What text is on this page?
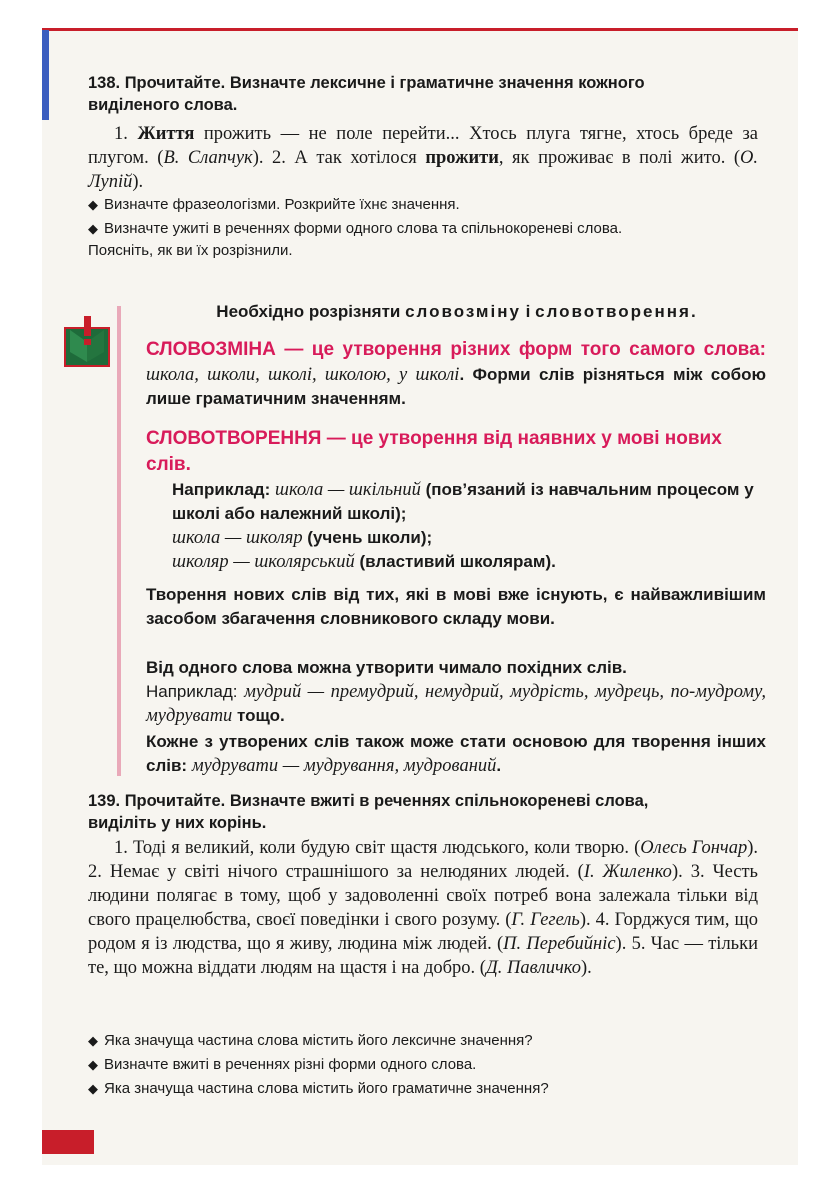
138. Прочитайте. Визначте лексичне і граматичне значення кожного
виділеного слова.
1. Життя прожить — не поле перейти... Хтось плуга тягне, хтось бреде за плугом. (В. Слапчук). 2. А так хотілося прожити, як проживає в полі жито. (О. Лупій).
◆ Визначте фразеологізми. Розкрийте їхнє значення.
◆ Визначте ужиті в реченнях форми одного слова та спільнокореневі слова.
Поясніть, як ви їх розрізнили.
Необхідно розрізняти словозміну і словотворення.
СЛОВОЗМІНА — це утворення різних форм того самого слова: школа, школи, школі, школою, у школі. Форми слів різняться між собою лише граматичним значенням.
СЛОВОТВОРЕННЯ — це утворення від наявних у мові нових слів.
Наприклад: школа — шкільний (пов’язаний із навчальним процесом у школі або належний школі);
школа — школяр (учень школи);
школяр — школярський (властивий школярам).
Творення нових слів від тих, які в мові вже існують, є найважливішим засобом збагачення словникового складу мови.
Від одного слова можна утворити чимало похідних слів.
Наприклад: мудрий — премудрий, немудрий, мудрість, мудрець, по-мудрому, мудрувати тощо.
Кожне з утворених слів також може стати основою для творення інших слів: мудрувати — мудрування, мудрований.
139. Прочитайте. Визначте вжиті в реченнях спільнокореневі слова,
виділіть у них корінь.
1. Тоді я великий, коли будую світ щастя людського, коли творю. (Олесь Гончар). 2. Немає у світі нічого страшнішого за нелюдяних людей. (І. Жиленко). 3. Честь людини полягає в тому, щоб у задоволенні своїх потреб вона залежала тільки від свого працелюбства, своєї поведінки і свого розуму. (Г. Гегель). 4. Горджуся тим, що родом я із людства, що я живу, людина між людей. (П. Перебийніс). 5. Час — тільки те, що можна віддати людям на щастя і на добро. (Д. Павличко).
◆ Яка значуща частина слова містить його лексичне значення?
◆ Визначте вжиті в реченнях різні форми одного слова.
◆ Яка значуща частина слова містить його граматичне значення?
